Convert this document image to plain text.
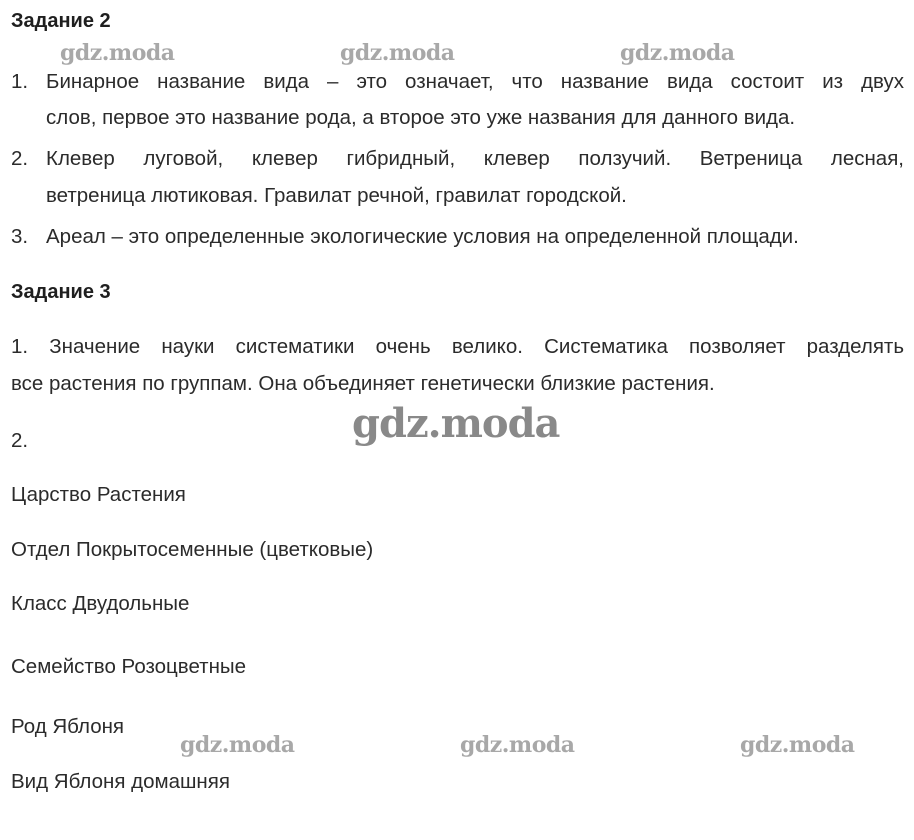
Задание 2
1. Бинарное название вида – это означает, что название вида состоит из двух
слов, первое это название рода, а второе это уже названия для данного вида.
2. Клевер луговой, клевер гибридный, клевер ползучий. Ветреница лесная,
ветреница лютиковая. Гравилат речной, гравилат городской.
3. Ареал – это определенные экологические условия на определенной площади.
Задание 3
1. Значение науки систематики очень велико. Систематика позволяет разделять
все растения по группам. Она объединяет генетически близкие растения.
2.
Царство Растения
Отдел Покрытосеменные (цветковые)
Класс Двудольные
Семейство Розоцветные
Род Яблоня
Вид Яблоня домашняя
gdz.moda	gdz.moda	gdz.moda
gdz.moda
gdz.moda	gdz.moda	gdz.moda
